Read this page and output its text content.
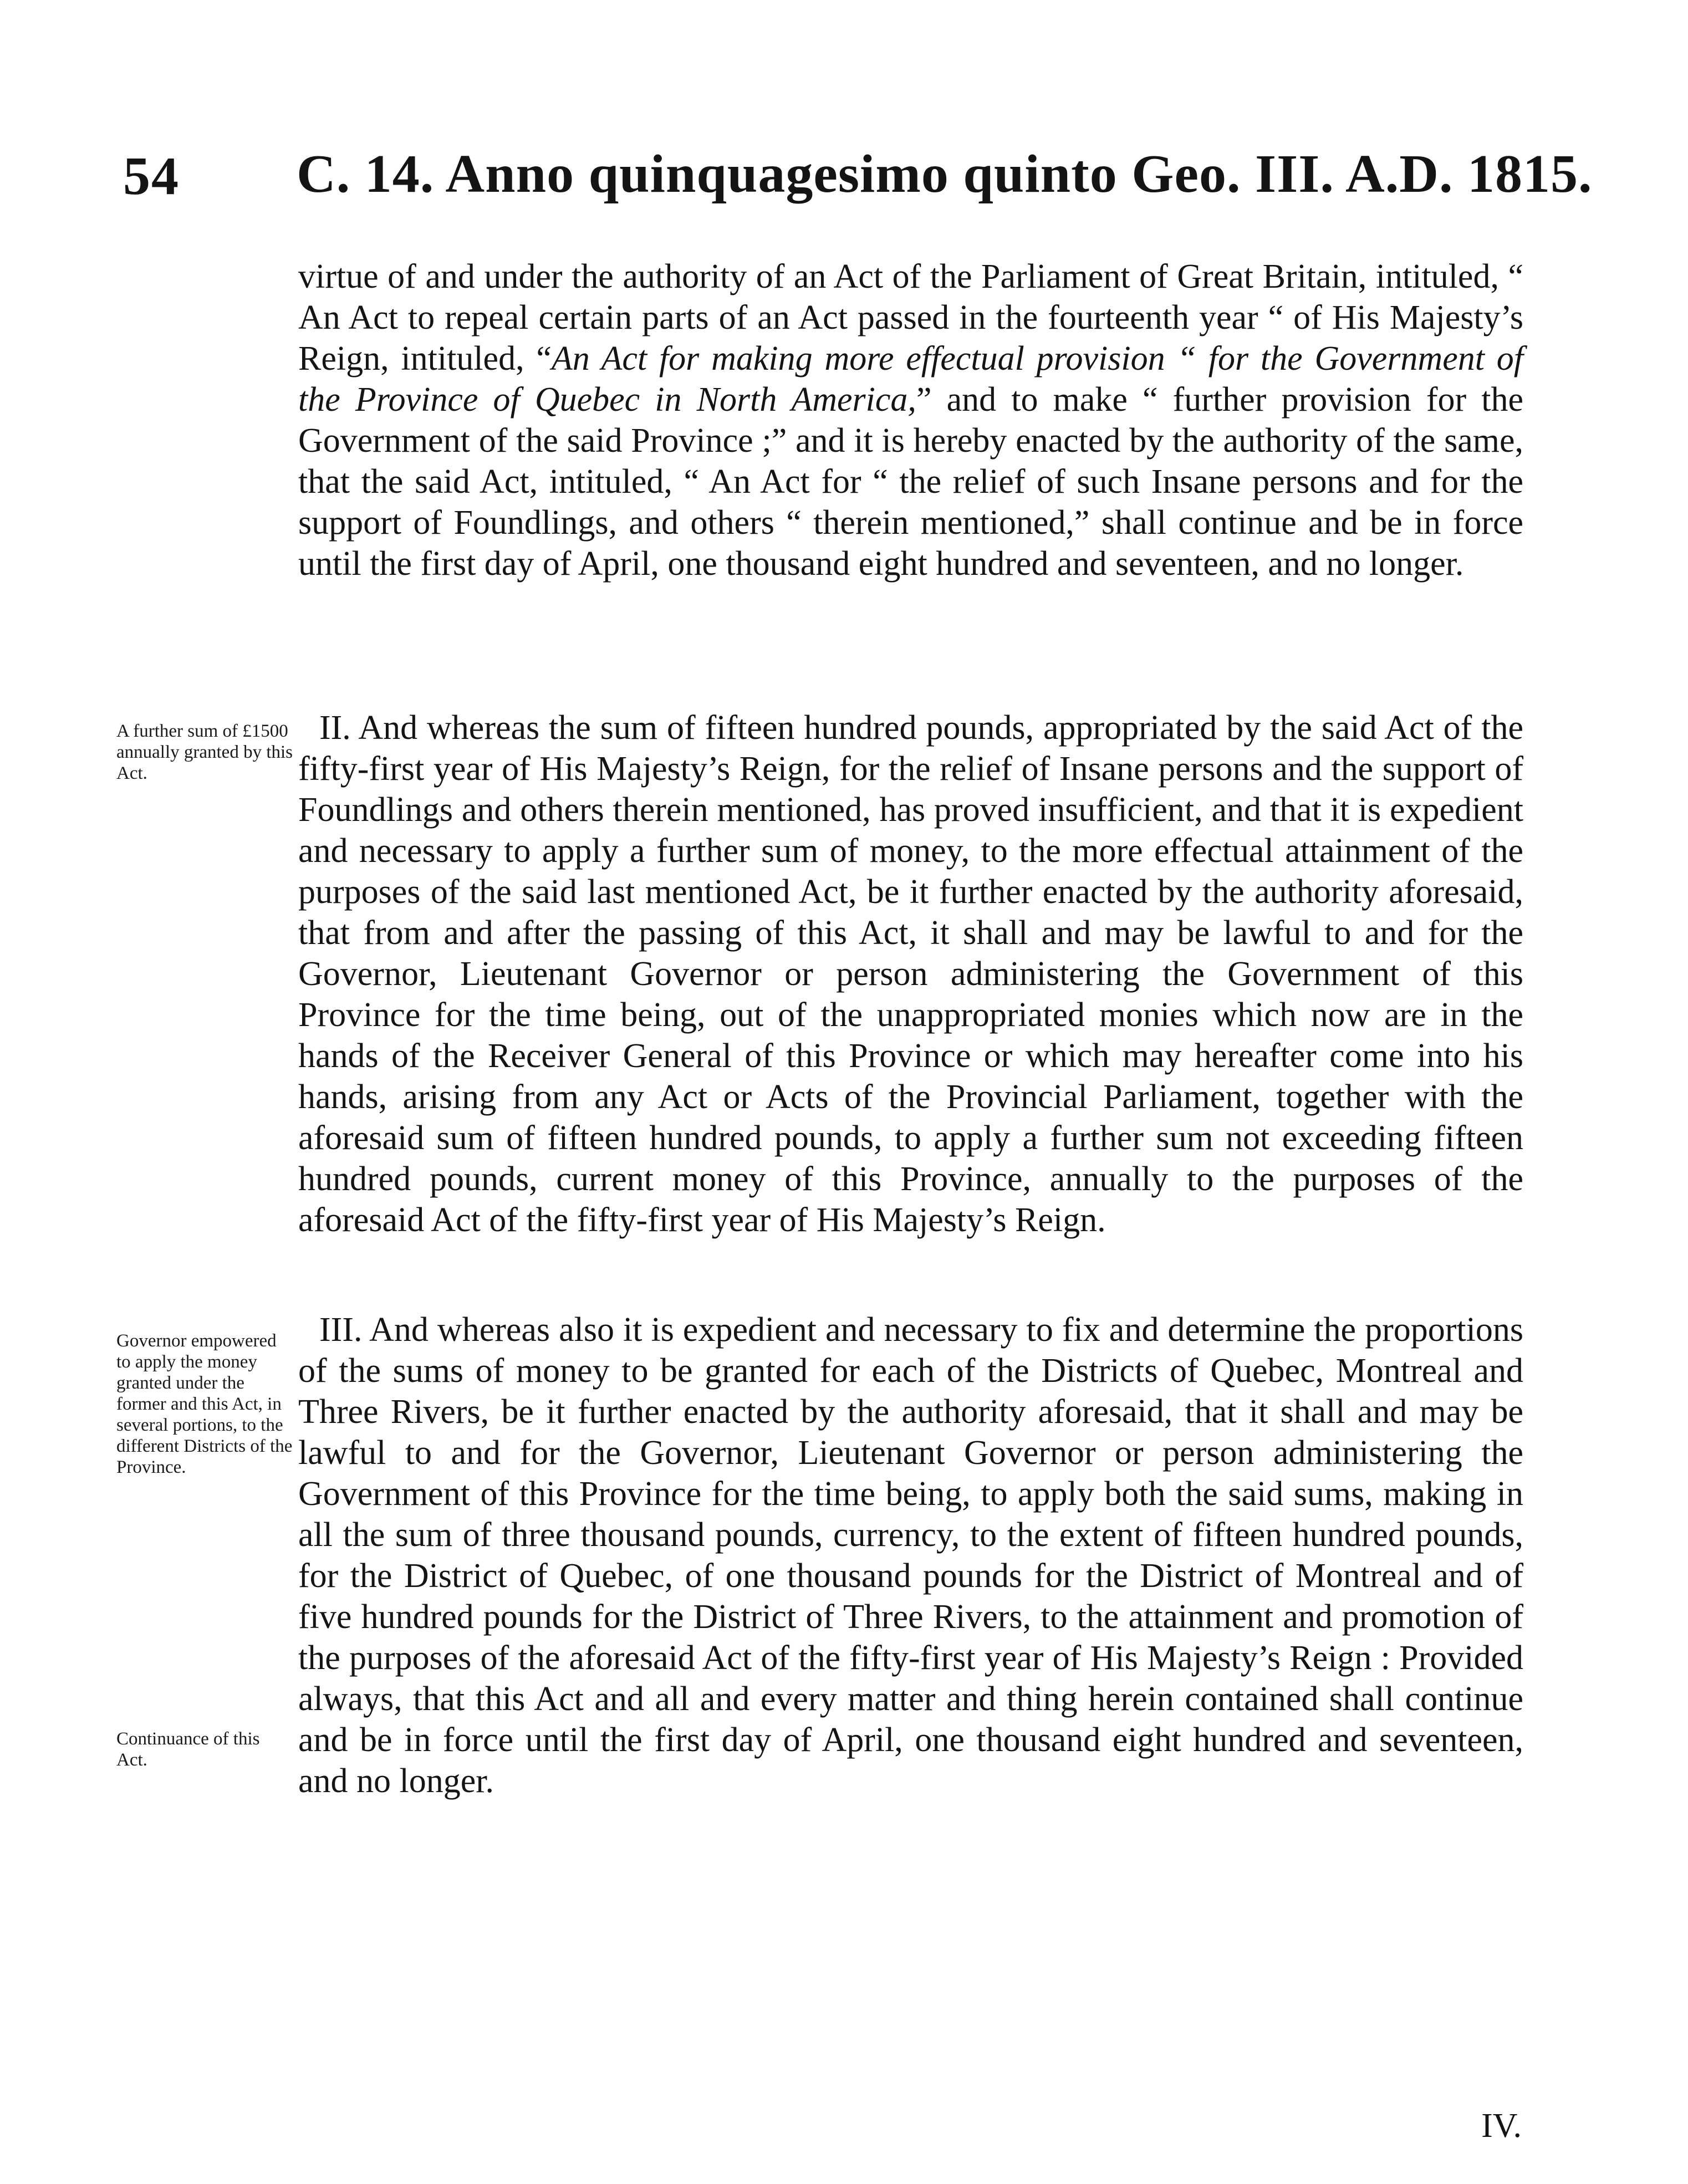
54 C. 14. Anno quinquagesimo quinto Geo. III. A.D. 1815.

virtue of and under the authority of an Act of the Parliament of Great Britain, intituled, “ An Act to repeal certain parts of an Act passed in the fourteenth year “ of His Majesty’s Reign, intituled, “An Act for making more effectual provision “ for the Government of the Province of Quebec in North America,” and to make “ further provision for the Government of the said Province ;” and it is hereby enacted by the authority of the same, that the said Act, intituled, “ An Act for “ the relief of such Insane persons and for the support of Foundlings, and others “ therein mentioned,” shall continue and be in force until the first day of April, one thousand eight hundred and seventeen, and no longer.

A further sum of £1500 annually granted by this Act.

II. And whereas the sum of fifteen hundred pounds, appropriated by the said Act of the fifty-first year of His Majesty’s Reign, for the relief of Insane persons and the support of Foundlings and others therein mentioned, has proved insufficient, and that it is expedient and necessary to apply a further sum of money, to the more effectual attainment of the purposes of the said last mentioned Act, be it further enacted by the authority aforesaid, that from and after the passing of this Act, it shall and may be lawful to and for the Governor, Lieutenant Governor or person administering the Government of this Province for the time being, out of the unappropriated monies which now are in the hands of the Receiver General of this Province or which may hereafter come into his hands, arising from any Act or Acts of the Provincial Parliament, together with the aforesaid sum of fifteen hundred pounds, to apply a further sum not exceeding fifteen hundred pounds, current money of this Province, annually to the purposes of the aforesaid Act of the fifty-first year of His Majesty’s Reign.

Governor empowered to apply the money granted under the former and this Act, in several portions, to the different Districts of the Province.

III. And whereas also it is expedient and necessary to fix and determine the proportions of the sums of money to be granted for each of the Districts of Quebec, Montreal and Three Rivers, be it further enacted by the authority aforesaid, that it shall and may be lawful to and for the Governor, Lieutenant Governor or person administering the Government of this Province for the time being, to apply both the said sums, making in all the sum of three thousand pounds, currency, to the extent of fifteen hundred pounds, for the District of Quebec, of one thousand pounds for the District of Montreal and of five hundred pounds for the District of Three Rivers, to the attainment and promotion of the purposes of the aforesaid Act of the fifty-first year of His Majesty’s Reign : Provided always, that this Act and all and every matter and thing herein contained shall continue and be in force until the first day of April, one thousand eight hundred and seventeen, and no longer.

Continuance of this Act.
IV.
